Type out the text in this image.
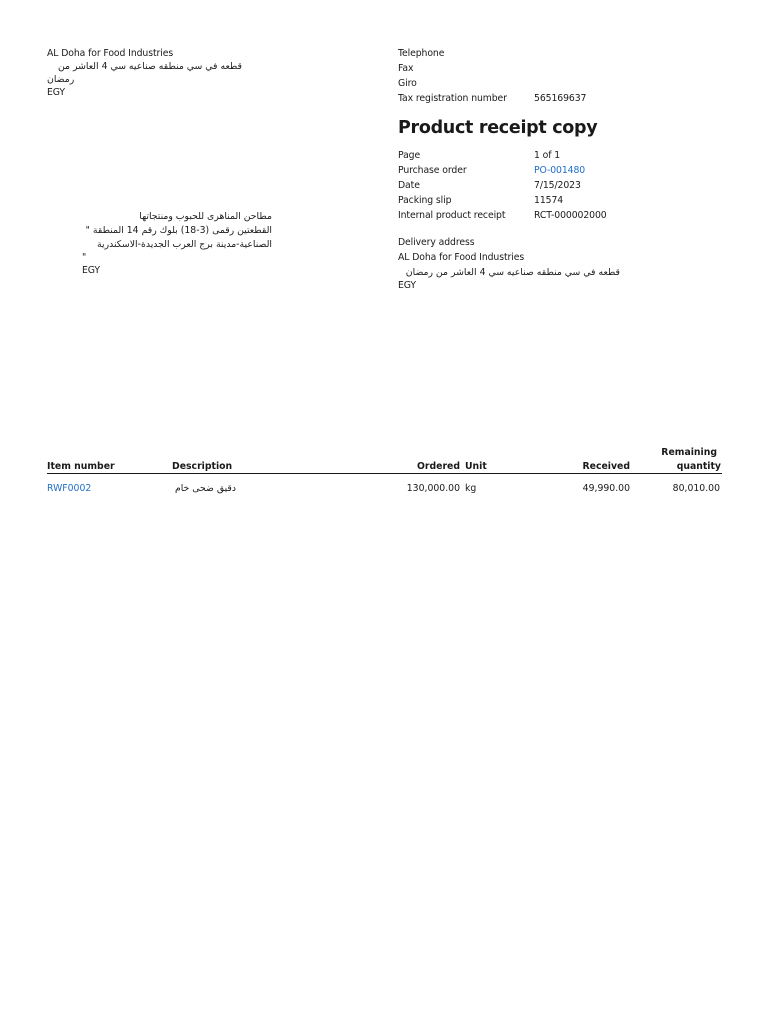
AL Doha for Food Industries
قطعه في سي منطقه صناعيه سي 4 العاشر من
رمضان
EGY
مطاحن المناهرى للحبوب ومنتجاتها
القطعتين رقمى (3-18) بلوك رقم 14 المنطقة "
الصناعية-مدينة برج العرب الجديدة-الاسكندرية
"
EGY
Telephone
Fax
Giro
Tax registration number	565169637
Product receipt copy
Page	1 of 1
Purchase order	PO-001480
Date	7/15/2023
Packing slip	11574
Internal product receipt	RCT-000002000
Delivery address
AL Doha for Food Industries
قطعه في سي منطقه صناعيه سي 4 العاشر من رمضان
EGY
Item number	Description	Ordered Unit	Received
Remaining
quantity
RWF0002	دقيق ضحى خام	130,000.00 kg	49,990.00	80,010.00
